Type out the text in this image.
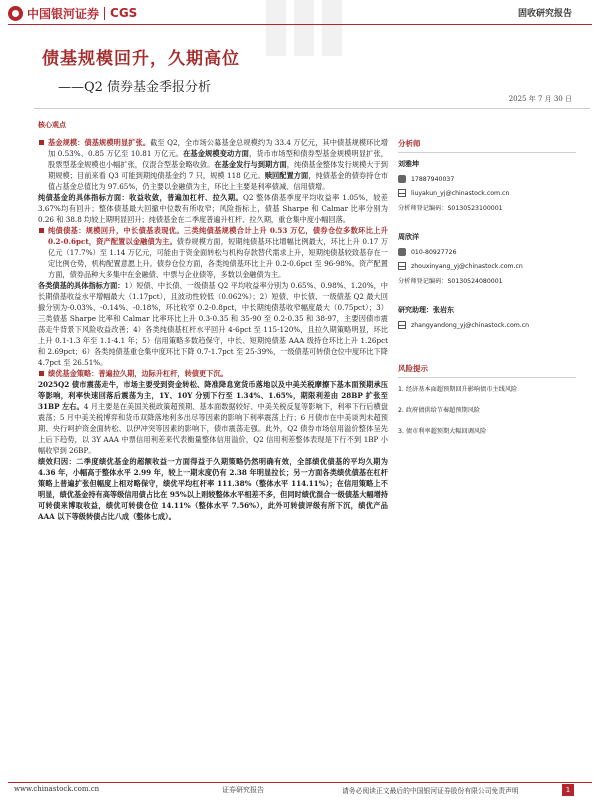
中国银河证券 CGS	固收研究报告
债基规模回升，久期高位
——Q2 债券基金季报分析
2025 年 7 月 30 日
核心观点

基金规模：债基规模明显扩张。截至 Q2，全市场公募基金总规模约为 33.4 万亿元，其中债基规模环比增加 0.53%、0.85 万亿至 10.81 万亿元。在基金规模变动方面，货币市场型和债券型基金规模明显扩张，股票型基金规模也小幅扩张，仅混合型基金略收敛。在基金发行与到期方面，纯债基金整体发行规模大于到期规模；目前来看 Q3 可能到期纯债基金约 7 只，规模 118 亿元。赎回配置方面，纯债基金的债券持仓市值占基金总值比为 97.65%，仍主要以金融债为主，环比上主要是利率债减、信用债增。

纯债基金的具体指标方面：收益收敛，普遍加杠杆、拉久期。Q2 整体债基季度平均收益率 1.05%，较差 3.67%均有回升；整体债基最大回撤中位数有所收窄；风险指标上，债基 Sharpe 和 Calmar 比率分别为 0.26 和 38.8 均较上期明显回升；纯债基金在二季度普遍升杠杆、拉久期，重仓集中度小幅回落。

纯债债基：规模回升，中长债基表现优。三类纯债基规模合计上升 0.53 万亿，债券仓位多数环比上升 0.2-0.6pct，资产配置以金融债为主。债券规模方面，短期纯债基环比增幅比例最大，环比上升 0.17 万亿元（17.7%）至 1.14 万亿元，可能由于资金面转松与机构存款替代需求上升，短期纯债基较致基存在一定比例仓势，机构配置意愿上升。债券仓位方面，各类纯债基环比上升 0.2-0.6pct 至 96-98%。资产配置方面，债券品种大多集中在金融债、中票与企业债等，多数以金融债为主。

各类债基的具体指标方面：1）短债、中长债、一级债基 Q2 平均收益率分别为 0.65%、0.98%、1.20%，中长期债基收益水平增幅最大（1.17pct），且波动性较低（0.062%）；2）短债、中长债、一级债基 Q2 最大回撤分别为-0.03%、-0.14%、-0.18%，环比收窄 0.2-0.8pct，中长期纯债基收窄幅度最大（0.75pct）；3）三类债基 Sharpe 比率和 Calmar 比率环比上升 0.3-0.35 和 35-90 至 0.2-0.35 和 38-97，主要因债市震荡走牛背景下风险收益改善；4）各类纯债基杠杆水平回升 4-6pct 至 115-120%，且拉久期策略明显，环比上升 0.1-1.3 年至 1.1-4.1 年；5）信用策略多数趋保守，中长、短期纯债基 AAA 级持仓环比上升 1.26pct 和 2.69pct；6）各类纯债基重仓集中度环比下降 0.7-1.7pct 至 25-39%，一级债基可转债仓位中度环比下降 4.7pct 至 26.51%。

绩优基金策略：普遍拉久期，边际升杠杆，转债更下沉。

2025Q2 债市震荡走牛，市场主要受到资金转松、降准降息宽货币落地以及中美关税摩擦下基本面预期承压等影响，利率快速回落后震荡为主，1Y、10Y 分别下行至 1.34%、1.65%，期限利差由 28BP 扩张至 31BP 左右。4 月主要是在美国关税政策超预期、基本面数据较好、中美关税反复等影响下，利率下行后横盘震荡；5 月中美关税博弈和货币双降落地利多出尽等因素的影响下利率震荡上行；6 月债市在中美谈判未超预期、央行呵护资金面转松、以伊冲突等因素的影响下，债市震荡走强。此外，Q2 债券市场信用溢价整体呈先上后下趋势，以 3Y AAA 中票信用利差来代表衡量整体信用溢价，Q2 信用利差整体表现是下行不到 1BP 小幅收窄到 26BP。

绩效归因：二季度绩优基金的超额收益一方面得益于久期策略仍然明确有效，全部绩优债基的平均久期为 4.36 年，小幅高于整体水平 2.99 年，较上一期末度仍有 2.38 年明显拉长；另一方面各类绩优债基在杠杆策略上普遍扩张但幅度上相对略保守，绩优平均杠杆率 111.38%（整体水平 114.11%）；在信用策略上不明显，绩优基金持有高等级信用债占比在 95%以上则较整体水平相差不多，但同时绩优混合一级债基大幅增持可转债来博取收益，绩优可转债仓位 14.11%（整体水平 7.56%），此外可转债评级有所下沉，绩优产品 AAA 以下等级转债占比八成（整体七成）。

分析师
刘雅坤
17887940037
liuyakun_yj@chinastock.com.cn
分析师登记编码：S0130523100001
周欣洋
010-80927726
zhouxinyang_yj@chinastock.com.cn
分析师登记编码：S0130524080001
研究助理：张岩东
zhangyandong_yj@chinastock.com.cn
风险提示
1. 经济基本面超预期回升影响债市主线风险
2. 政府债供给节奏超预期风险
3. 债市利率超预期大幅回调风险
www.chinastock.com.cn	证券研究报告	请务必阅读正文最后的中国银河证券股份有限公司免责声明	1
